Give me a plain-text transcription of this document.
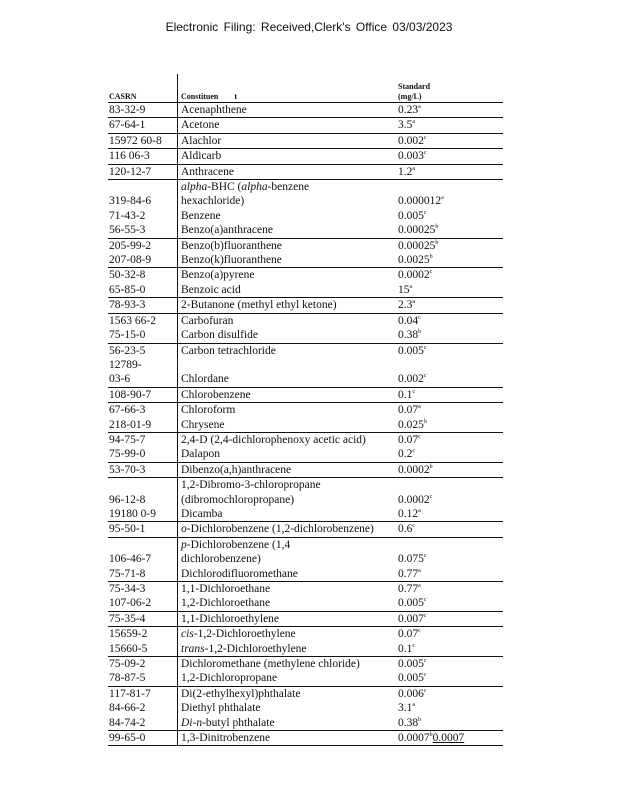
Electronic Filing: Received,Clerk's Office 03/03/2023
CASRN	Constituen        t
Standard
(mg/L)
83-32-9	Acenaphthene	0.23$^a$
67-64-1	Acetone	3.5$^a$
15972 60-8	Alachlor	0.002$^c$
116 06-3	Aldicarb	0.003$^c$
120-12-7	Anthracene	1.2$^a$
alpha-BHC (alpha-benzene
319-84-6	hexachloride)	0.000012$^a$
71-43-2	Benzene	0.005$^c$
56-55-3	Benzo(a)anthracene	0.00025$^b$
205-99-2	Benzo(b)fluoranthene	0.00025$^b$
207-08-9	Benzo(k)fluoranthene	0.0025$^b$
50-32-8	Benzo(a)pyrene	0.0002$^c$
65-85-0	Benzoic acid	15$^a$
78-93-3	2-Butanone (methyl ethyl ketone)	2.3$^a$
1563 66-2	Carbofuran	0.04$^c$
75-15-0	Carbon disulfide	0.38$^b$
56-23-5	Carbon tetrachloride	0.005$^c$
12789-
03-6	Chlordane	0.002$^c$
108-90-7	Chlorobenzene	0.1$^c$
67-66-3	Chloroform	0.07$^a$
218-01-9	Chrysene	0.025$^b$
94-75-7	2,4-D (2,4-dichlorophenoxy acetic acid)	0.07$^c$
75-99-0	Dalapon	0.2$^c$
53-70-3	Dibenzo(a,h)anthracene	0.0002$^b$
1,2-Dibromo-3-chloropropane
96-12-8	(dibromochloropropane)	0.0002$^c$
19180 0-9	Dicamba	0.12$^a$
95-50-1	o-Dichlorobenzene (1,2-dichlorobenzene)	0.6$^c$
p-Dichlorobenzene (1,4
106-46-7	dichlorobenzene)	0.075$^c$
75-71-8	Dichlorodifluoromethane	0.77$^a$
75-34-3	1,1-Dichloroethane	0.77$^a$
107-06-2	1,2-Dichloroethane	0.005$^c$
75-35-4	1,1-Dichloroethylene	0.007$^c$
15659-2	cis-1,2-Dichloroethylene	0.07$^c$
15660-5	trans-1,2-Dichloroethylene	0.1$^c$
75-09-2	Dichloromethane (methylene chloride)	0.005$^c$
78-87-5	1,2-Dichloropropane	0.005$^c$
117-81-7	Di(2-ethylhexyl)phthalate	0.006$^c$
84-66-2	Diethyl phthalate	3.1$^a$
84-74-2	Di-n-butyl phthalate	0.38$^b$
99-65-0	1,3-Dinitrobenzene	0.0007$^b$0.0007
